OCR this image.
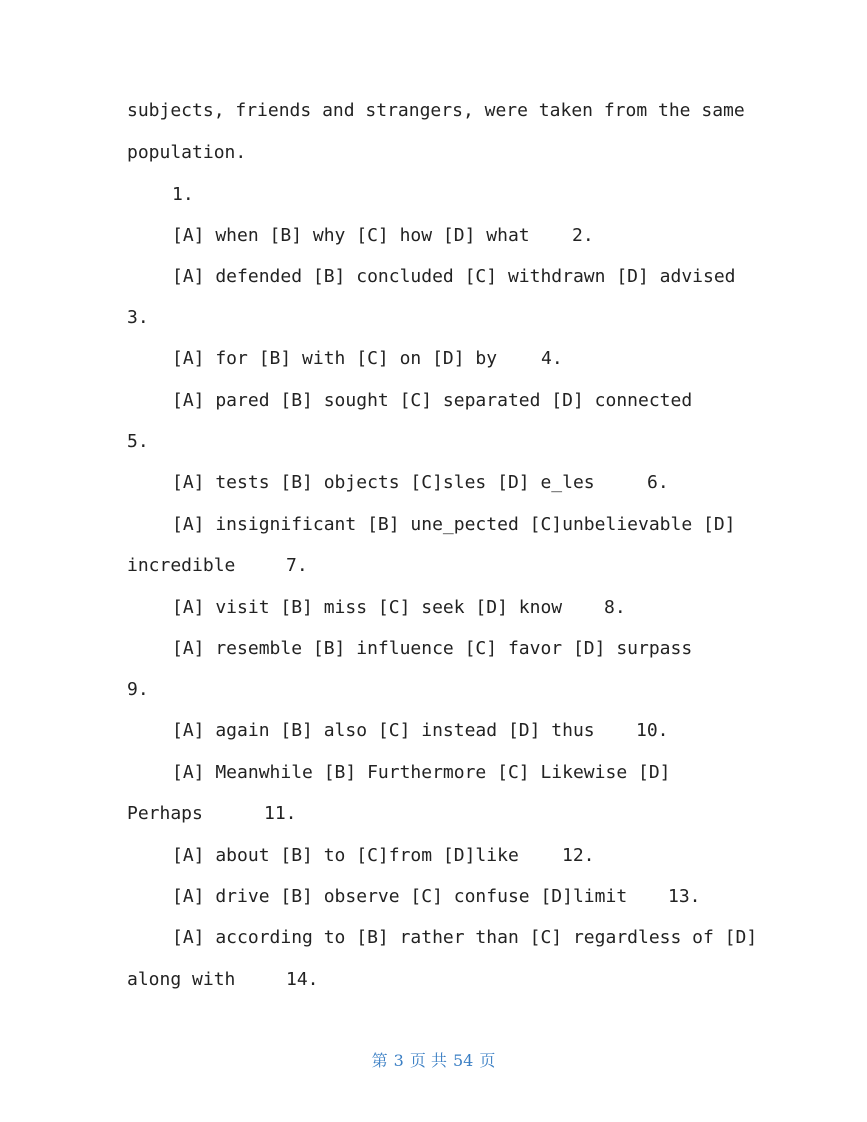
subjects, friends and strangers, were taken from the same
population.
1.
[A] when [B] why [C] how [D] what 2.
[A] defended [B] concluded [C] withdrawn [D] advised
3.
[A] for [B] with [C] on [D] by 4.
[A] pared [B] sought [C] separated [D] connected
5.
[A] tests [B] objects [C]sles [D] e_les	6.
[A] insignificant [B] une_pected [C]unbelievable [D]
incredible	7.
[A] visit [B] miss [C] seek [D] know 8.
[A] resemble [B] influence [C] favor [D] surpass
9.
[A] again [B] also [C] instead [D] thus 10.
[A] Meanwhile [B] Furthermore [C] Likewise [D]
Perhaps	11.
[A] about [B] to [C]from [D]like 12.
[A] drive [B] observe [C] confuse [D]limit 13.
[A] according to [B] rather than [C] regardless of [D]
along with	14.
第 3 页 共 54 页
